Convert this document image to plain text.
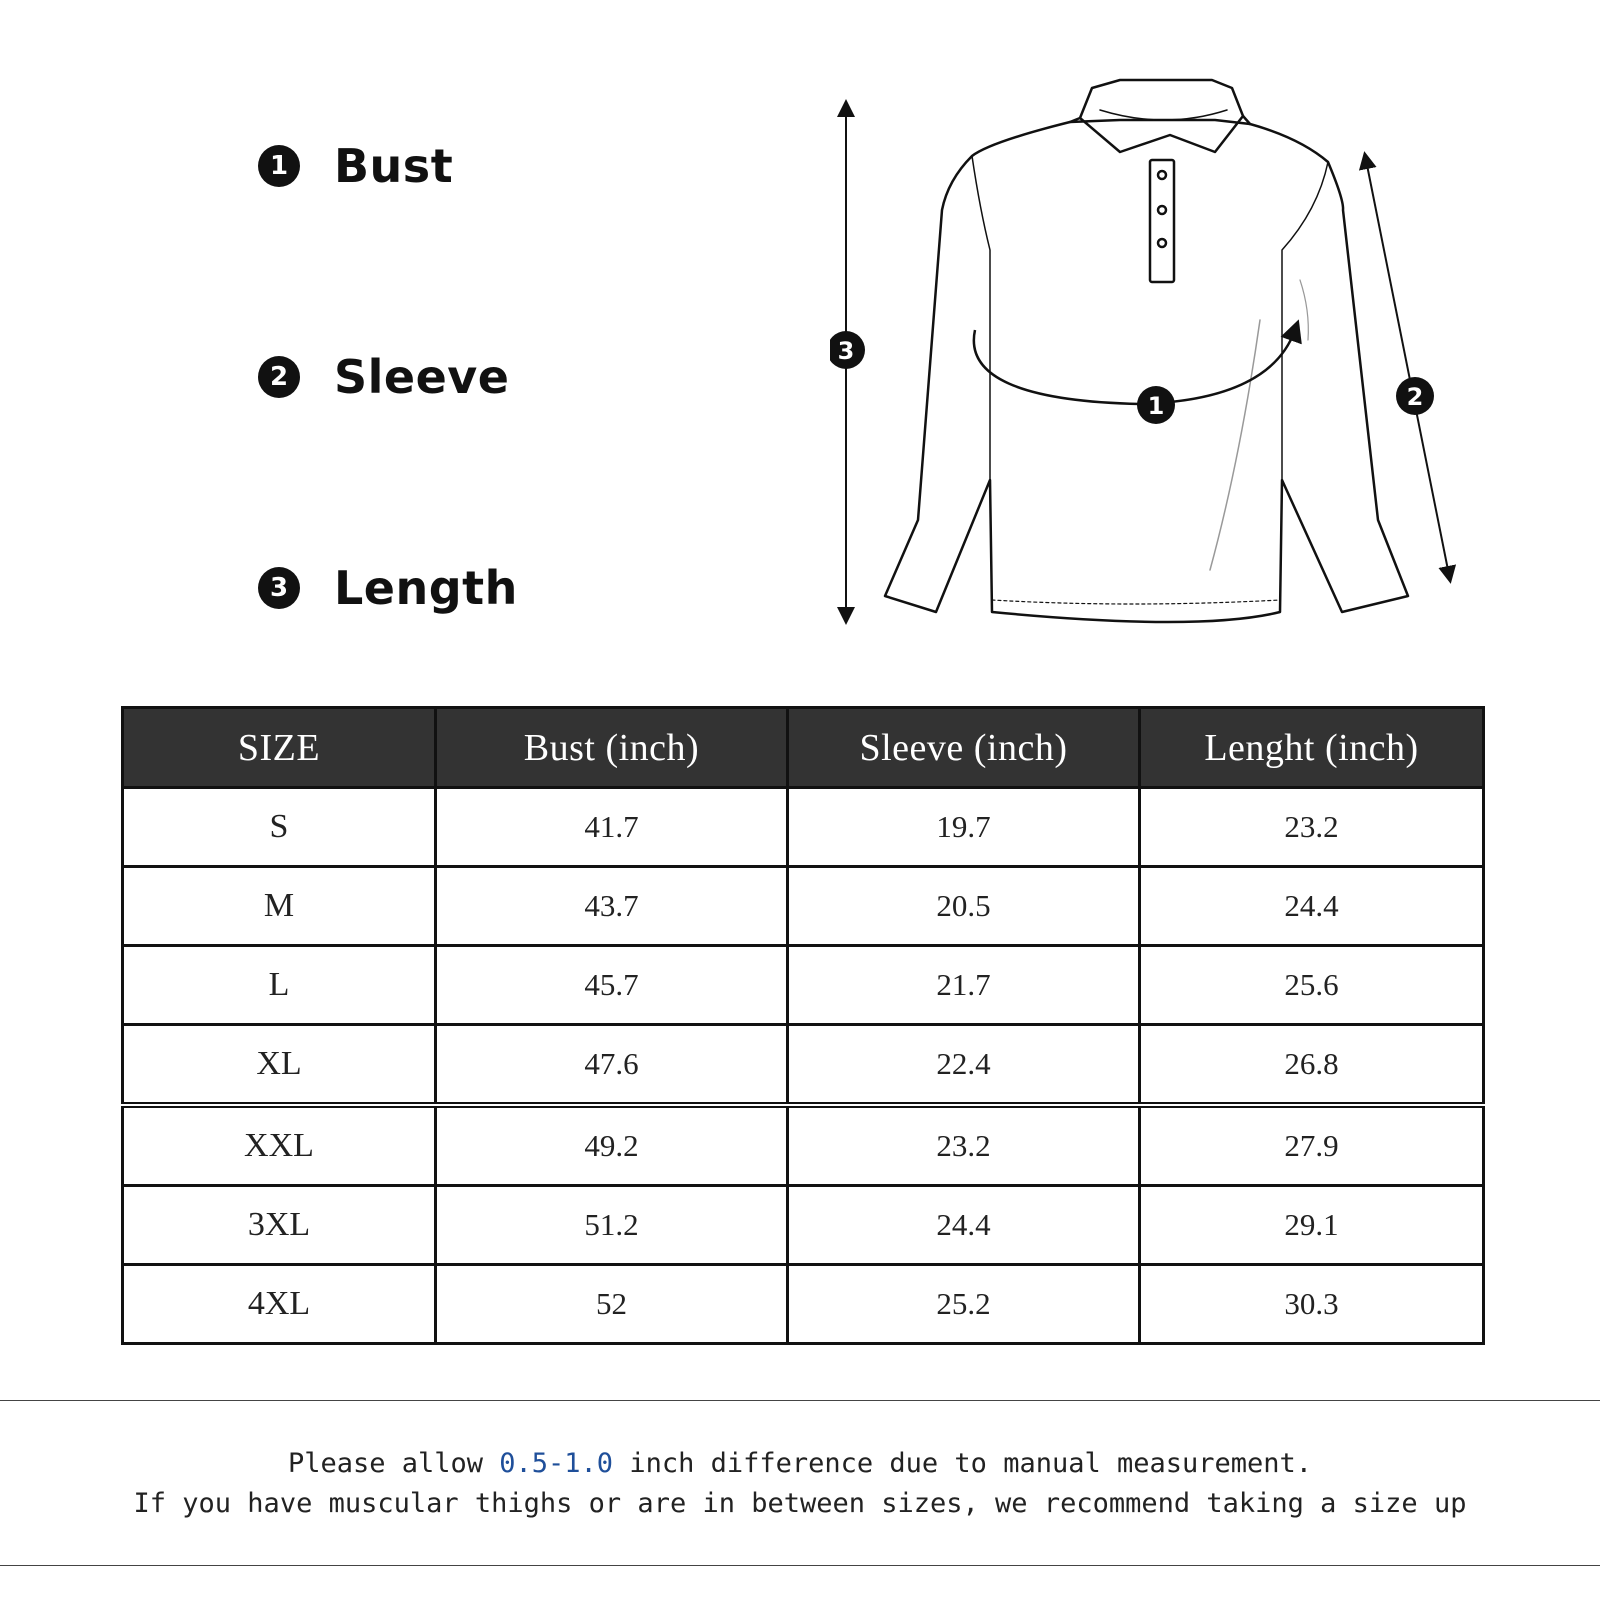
1 Bust
2 Sleeve
3 Length
1	2
3
SIZE	Bust (inch)	Sleeve (inch)	Lenght (inch)
S	41.7	19.7	23.2
M	43.7	20.5	24.4
L	45.7	21.7	25.6
XL	47.6	22.4	26.8
XXL	49.2	23.2	27.9
3XL	51.2	24.4	29.1
4XL	52	25.2	30.3
Please allow 0.5-1.0 inch difference due to manual measurement.
If you have muscular thighs or are in between sizes, we recommend taking a size up
